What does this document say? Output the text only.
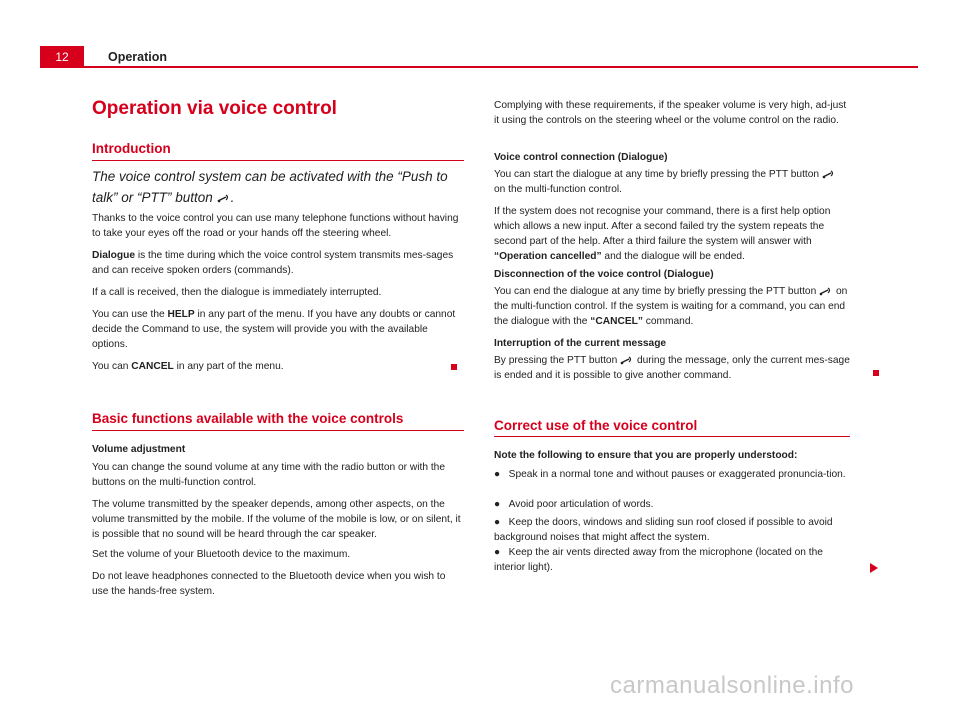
12	Operation
Operation via voice control
Introduction
The voice control system can be activated with the “Push to
talk” or “PTT” button .
Thanks to the voice control you can use many telephone functions without having to take your eyes off the road or your hands off the steering wheel.
Dialogue is the time during which the voice control system transmits mes-sages and can receive spoken orders (commands).
If a call is received, then the dialogue is immediately interrupted.
You can use the HELP in any part of the menu. If you have any doubts or cannot decide the Command to use, the system will provide you with the available options.
You can CANCEL in any part of the menu.
Basic functions available with the voice controls
Volume adjustment
You can change the sound volume at any time with the radio button or with the buttons on the multi-function control.
The volume transmitted by the speaker depends, among other aspects, on the volume transmitted by the mobile. If the volume of the mobile is low, or on silent, it is possible that no sound will be heard through the car speaker.
Set the volume of your Bluetooth device to the maximum.
Do not leave headphones connected to the Bluetooth device when you wish to use the hands-free system.
Complying with these requirements, if the speaker volume is very high, ad-just it using the controls on the steering wheel or the volume control on the radio.
Voice control connection (Dialogue)
You can start the dialogue at any time by briefly pressing the PTT button  on the multi-function control.
If the system does not recognise your command, there is a first help option which allows a new input. After a second failed try the system repeats the second part of the help. After a third failure the system will answer with “Operation cancelled” and the dialogue will be ended.
Disconnection of the voice control (Dialogue)
You can end the dialogue at any time by briefly pressing the PTT button on the multi-function control. If the system is waiting for a command, you can end the dialogue with the “CANCEL” command.
Interruption of the current message
By pressing the PTT button  during the message, only the current mes-sage is ended and it is possible to give another command.
Correct use of the voice control
Note the following to ensure that you are properly understood:
● Speak in a normal tone and without pauses or exaggerated pronuncia-tion.
● Avoid poor articulation of words.
● Keep the doors, windows and sliding sun roof closed if possible to avoid background noises that might affect the system.
● Keep the air vents directed away from the microphone (located on the interior light).
carmanualsonline.info
